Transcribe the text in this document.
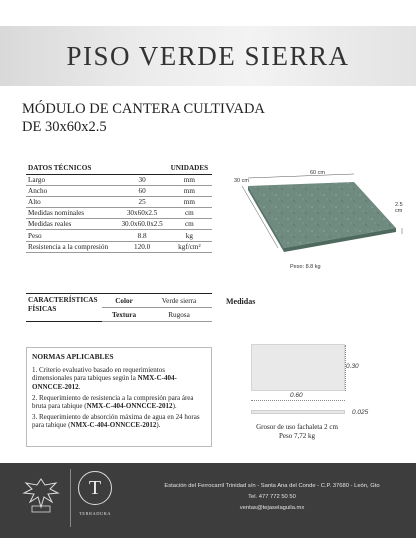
PISO VERDE SIERRA
MÓDULO DE CANTERA CULTIVADA
DE 30x60x2.5
DATOS TÉCNICOS		UNIDADES
Largo	30	mm
Ancho	60	mm
Alto	25	mm
Medidas nominales	30x60x2.5	cm
Medidas reales	30.0x60.0x2.5	cm
Peso	8.8	kg
Resistencia a la compresión	120.0	kgf/cm²
60 cm
30 cm
2.5 cm
Peso: 8.8 kg
CARACTERÍSTICAS FÍSICAS	Color	Verde sierra
	Textura	Rugosa
Medidas
NORMAS APLICABLES

1. Criterio evaluativo basado en requerimientos dimensionales para tabiques según la NMX-C-404-ONNCCE-2012.

2. Requerimiento de resistencia a la compresión para área bruta para tabique (NMX-C-404-ONNCCE-2012).

3. Requerimiento de absorción máxima de agua en 24 horas para tabique (NMX-C-404-ONNCCE-2012).

0.30
0.60
0.025
Grosor de uso fachaleta 2 cm
Peso 7,72 kg
T
TERRADURA
Estación del Ferrocarril Trinidad s/n - Santa Ana del Conde - C.P. 37680 - León, Gto
Tel. 477 772 50 50
ventas@tejaselaguila.mx
